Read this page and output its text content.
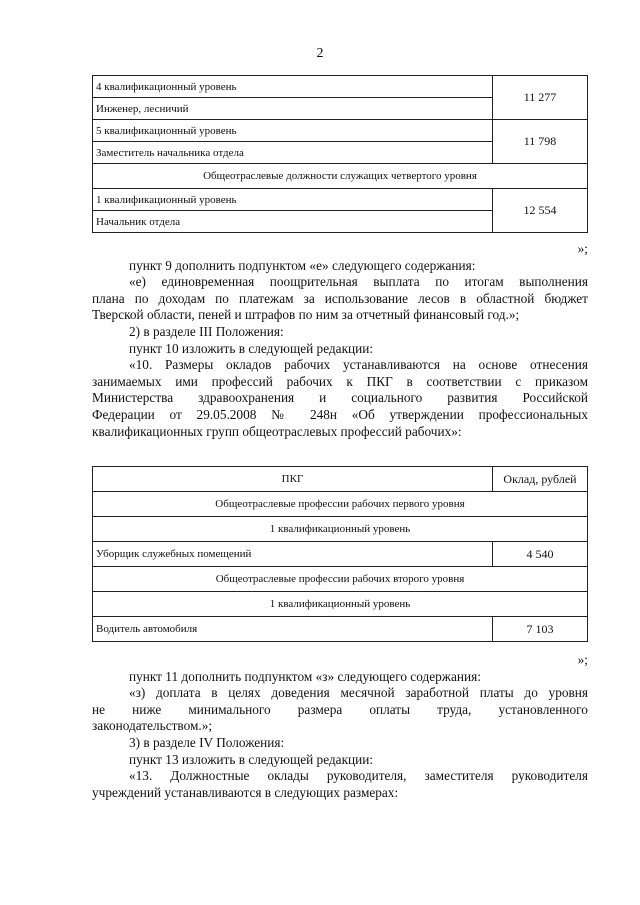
2
4 квалификационный уровень	11 277
Инженер, лесничий	
5 квалификационный уровень	11 798
Заместитель начальника отдела	
Общеотраслевые должности служащих четвертого уровня	
1 квалификационный уровень	12 554
Начальник отдела	

»;

пункт 9 дополнить подпунктом «е» следующего содержания:

«е) единовременная поощрительная выплата по итогам выполнения

плана по доходам по платежам за использование лесов в областной бюджет

Тверской области, пеней и штрафов по ним за отчетный финансовый год.»;

2) в разделе III Положения:

пункт 10 изложить в следующей редакции:

«10. Размеры окладов рабочих устанавливаются на основе отнесения

занимаемых ими профессий рабочих к ПКГ в соответствии с приказом

Министерства здравоохранения и социального развития Российской

Федерации от 29.05.2008 № 248н «Об утверждении профессиональных

квалификационных групп общеотраслевых профессий рабочих»:

ПКГ	Оклад, рублей
Общеотраслевые профессии рабочих первого уровня	
1 квалификационный уровень	
Уборщик служебных помещений	4 540
Общеотраслевые профессии рабочих второго уровня	
1 квалификационный уровень	
Водитель автомобиля	7 103

»;

пункт 11 дополнить подпунктом «з» следующего содержания:

«з) доплата в целях доведения месячной заработной платы до уровня

не ниже минимального размера оплаты труда, установленного

законодательством.»;

3) в разделе IV Положения:

пункт 13 изложить в следующей редакции:

«13. Должностные оклады руководителя, заместителя руководителя

учреждений устанавливаются в следующих размерах:
